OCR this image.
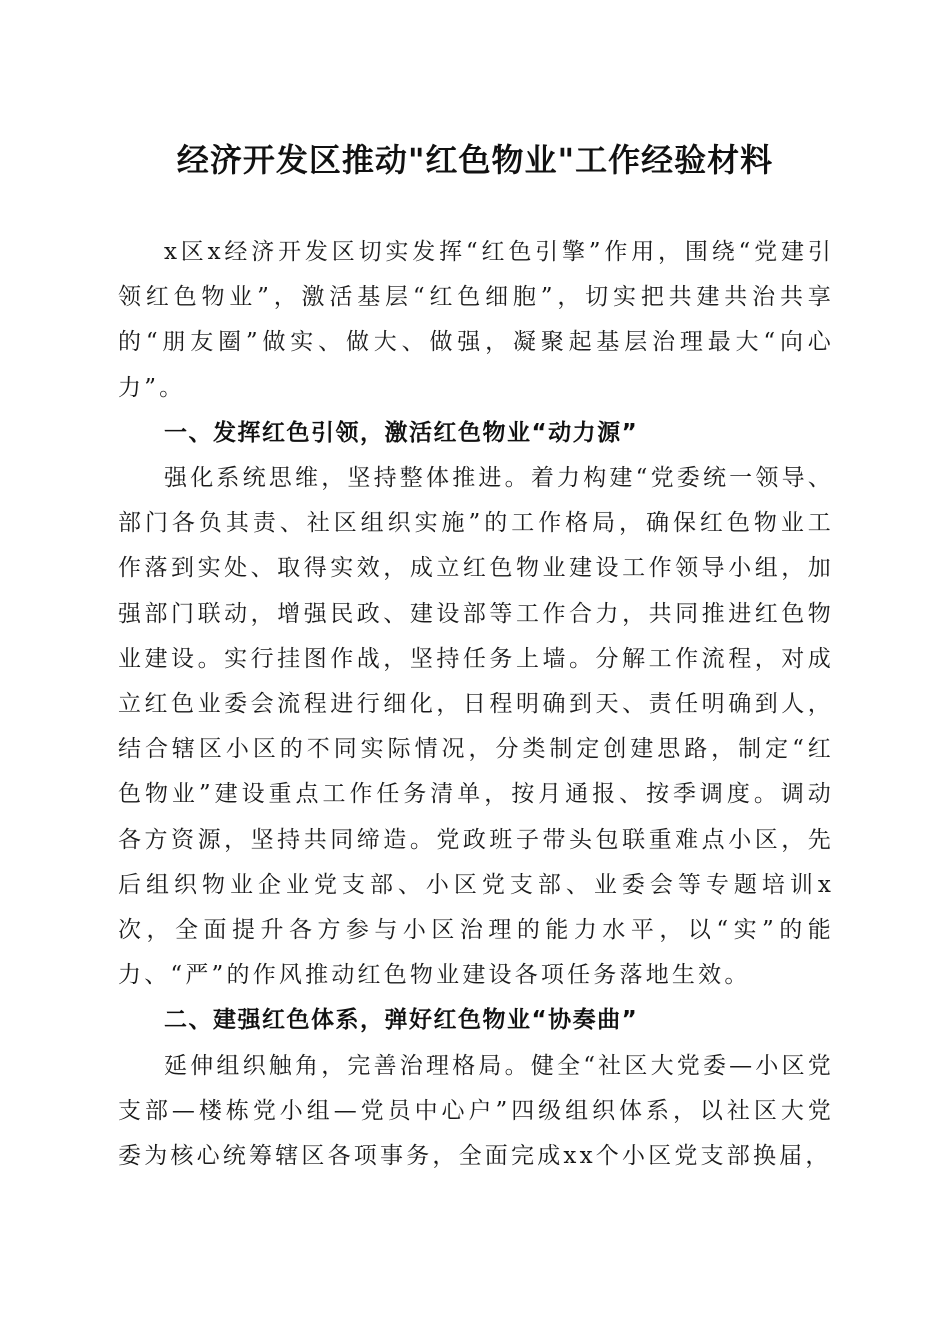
经济开发区推动"红色物业"工作经验材料

x区x经济开发区切实发挥“红色引擎”作用，围绕“党建引领红色物业”，激活基层“红色细胞”，切实把共建共治共享的“朋友圈”做实、做大、做强，凝聚起基层治理最大“向心力”。

一、发挥红色引领，激活红色物业“动力源”

强化系统思维，坚持整体推进。着力构建“党委统一领导、部门各负其责、社区组织实施”的工作格局，确保红色物业工作落到实处、取得实效，成立红色物业建设工作领导小组，加强部门联动，增强民政、建设部等工作合力，共同推进红色物业建设。实行挂图作战，坚持任务上墙。分解工作流程，对成立红色业委会流程进行细化，日程明确到天、责任明确到人，结合辖区小区的不同实际情况，分类制定创建思路，制定“红色物业”建设重点工作任务清单，按月通报、按季调度。调动各方资源，坚持共同缔造。党政班子带头包联重难点小区，先后组织物业企业党支部、小区党支部、业委会等专题培训x次，全面提升各方参与小区治理的能力水平，以“实”的能力、“严”的作风推动红色物业建设各项任务落地生效。

二、建强红色体系，弹好红色物业“协奏曲”

延伸组织触角，完善治理格局。健全“社区大党委—小区党支部—楼栋党小组—党员中心户”四级组织体系，以社区大党委为核心统筹辖区各项事务，全面完成xx个小区党支部换届，
